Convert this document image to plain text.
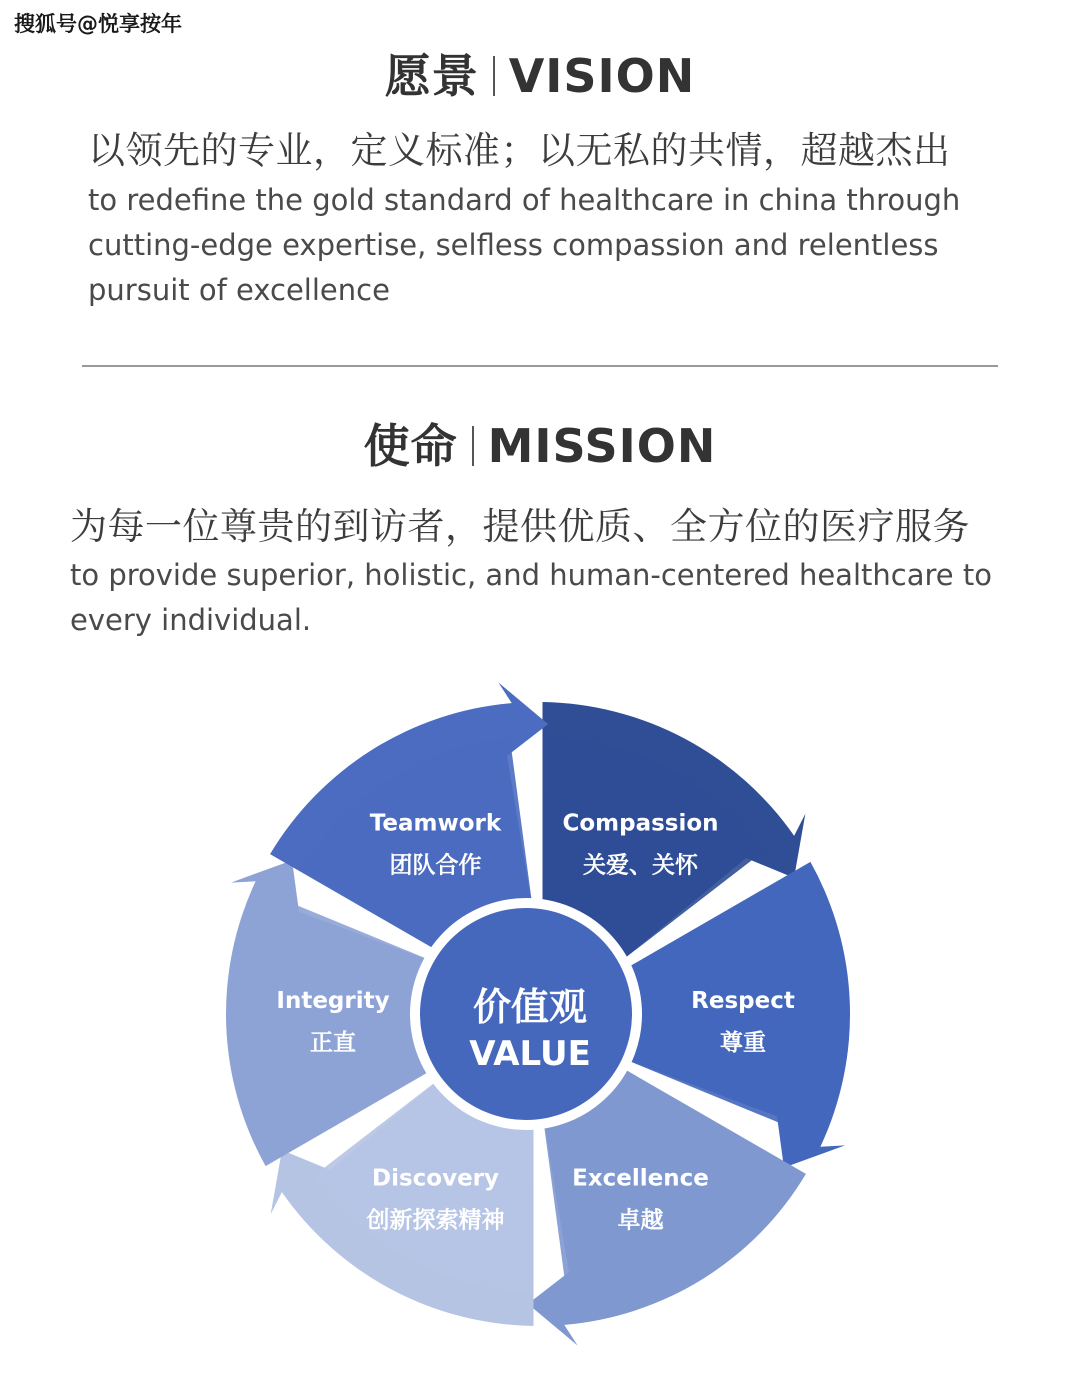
搜狐号@悦享按年
愿景 VISION
以领先的专业，定义标准；以无私的共情，超越杰出
to redefine the gold standard of healthcare in china through
cutting-edge expertise, selfless compassion and relentless
pursuit of excellence
使命 MISSION
为每一位尊贵的到访者，提供优质、全方位的医疗服务
to provide superior, holistic, and human-centered healthcare to
every individual.
Compassion
关爱、关怀
Respect
尊重
Excellence
卓越
Discovery
创新探索精神
Integrity
正直
Teamwork
团队合作
价值观
VALUE
